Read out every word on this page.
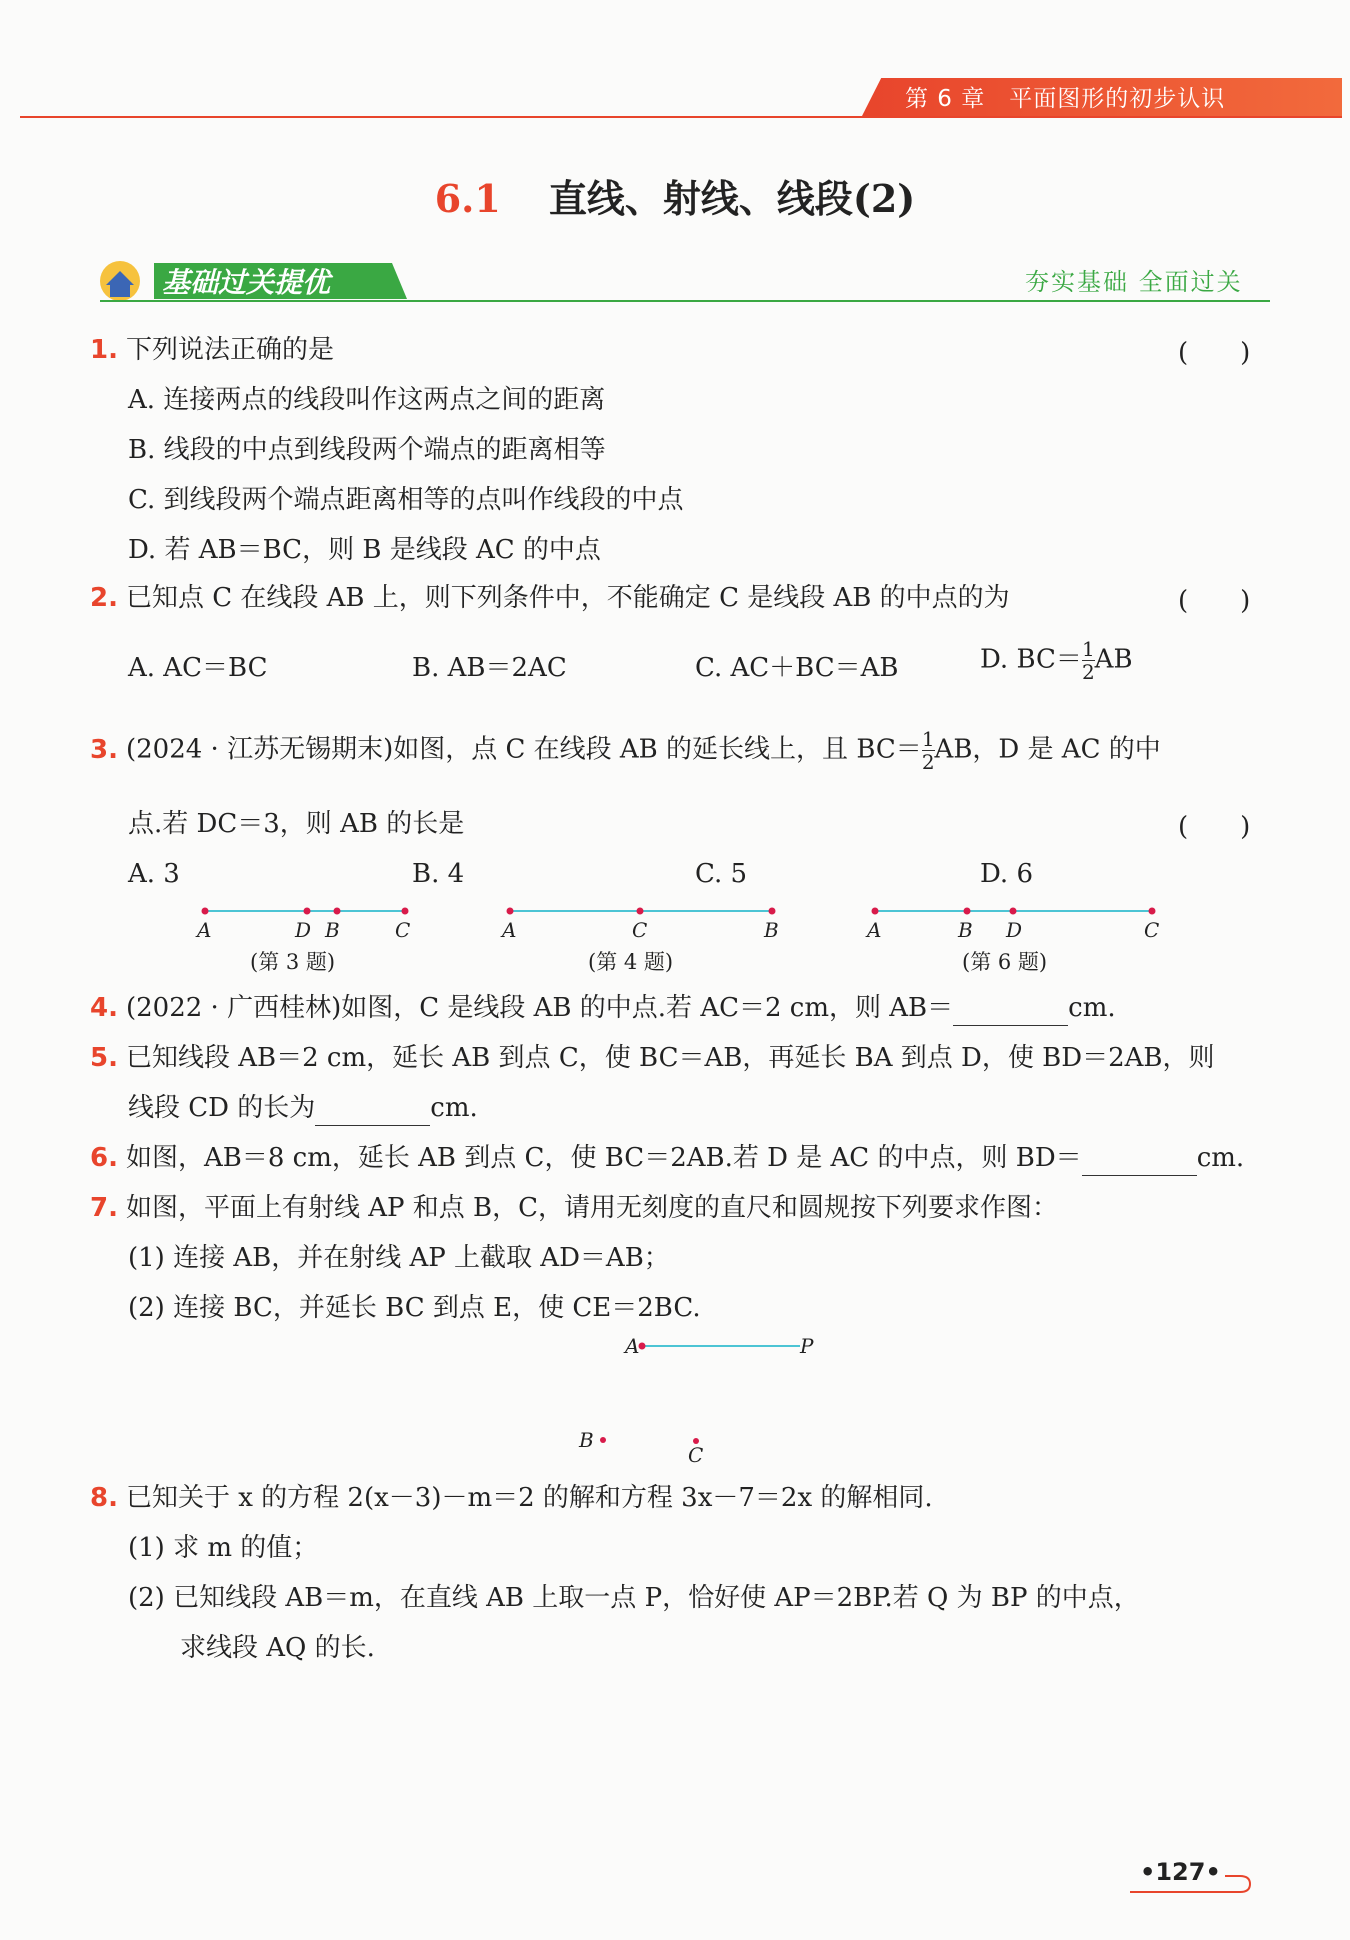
第 6 章　平面图形的初步认识
6.1 直线、射线、线段(2)
基础过关提优	夯实基础 全面过关
1. 下列说法正确的是	(　　)
A. 连接两点的线段叫作这两点之间的距离
B. 线段的中点到线段两个端点的距离相等
C. 到线段两个端点距离相等的点叫作线段的中点
D. 若 AB＝BC，则 B 是线段 AC 的中点
2. 已知点 C 在线段 AB 上，则下列条件中，不能确定 C 是线段 AB 的中点的为	(　　)
A. AC＝BC	B. AB＝2AC	C. AC＋BC＝AB	D. $BC= \frac{1}{2}$ AB
3. (2024 · 江苏无锡期末)如图，点 C 在线段 AB 的延长线上，且 $BC= \frac{1}{2}$ AB，D 是 AC 的中
点.若 DC＝3，则 AB 的长是	(　　)
A. 3	B. 4	C. 5	D. 6
A	D B	C	A	C	B	A	B D	C
(第 3 题)	(第 4 题)	(第 6 题)
4. (2022 · 广西桂林)如图，C 是线段 AB 的中点.若 AC＝2 cm，则 AB＝	cm.
5. 已知线段 AB＝2 cm，延长 AB 到点 C，使 BC＝AB，再延长 BA 到点 D，使 BD＝2AB，则
线段 CD 的长为	cm.
6. 如图，AB＝8 cm，延长 AB 到点 C，使 BC＝2AB.若 D 是 AC 的中点，则 BD＝	cm.
7. 如图，平面上有射线 AP 和点 B，C，请用无刻度的直尺和圆规按下列要求作图：
(1) 连接 AB，并在射线 AP 上截取 AD＝AB；
(2) 连接 BC，并延长 BC 到点 E，使 CE＝2BC.
A	P
C
B
8. 已知关于 x 的方程 2(x－3)－m＝2 的解和方程 3x－7＝2x 的解相同.
(1) 求 m 的值；
(2) 已知线段 AB＝m，在直线 AB 上取一点 P，恰好使 AP＝2BP.若 Q 为 BP 的中点，
求线段 AQ 的长.
•127•
